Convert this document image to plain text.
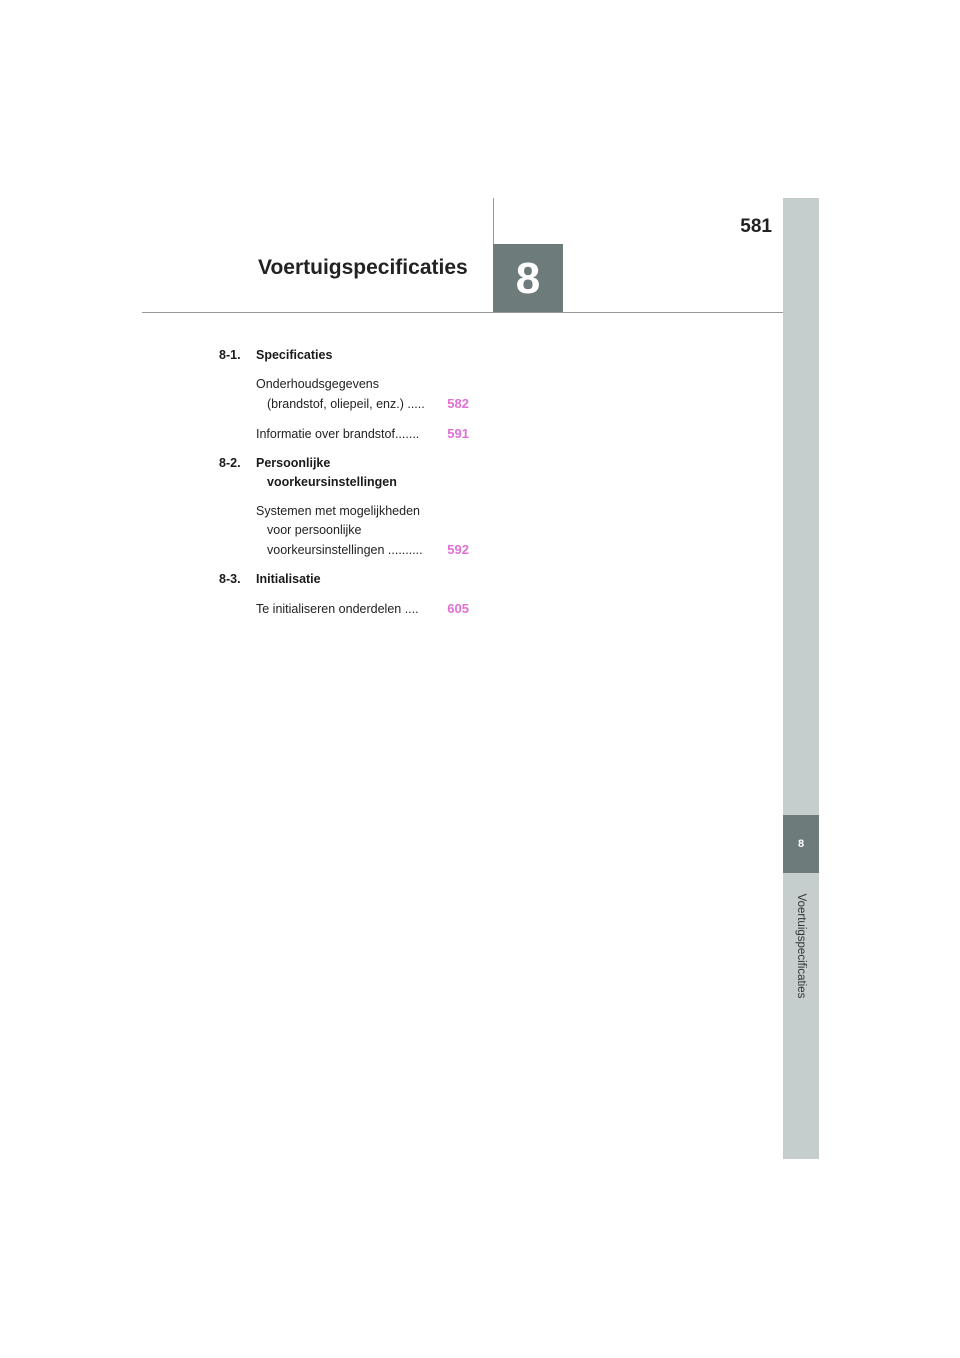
581
Voertuigspecificaties	8
8
Voertuigspecificaties
8-1.	Specificaties
Onderhoudsgegevens
(brandstof, oliepeil, enz.) .....	582
Informatie over brandstof.......	591
8-2.	Persoonlijke
voorkeursinstellingen
Systemen met mogelijkheden
voor persoonlijke
voorkeursinstellingen ..........	592
8-3.	Initialisatie
Te initialiseren onderdelen ....	605
